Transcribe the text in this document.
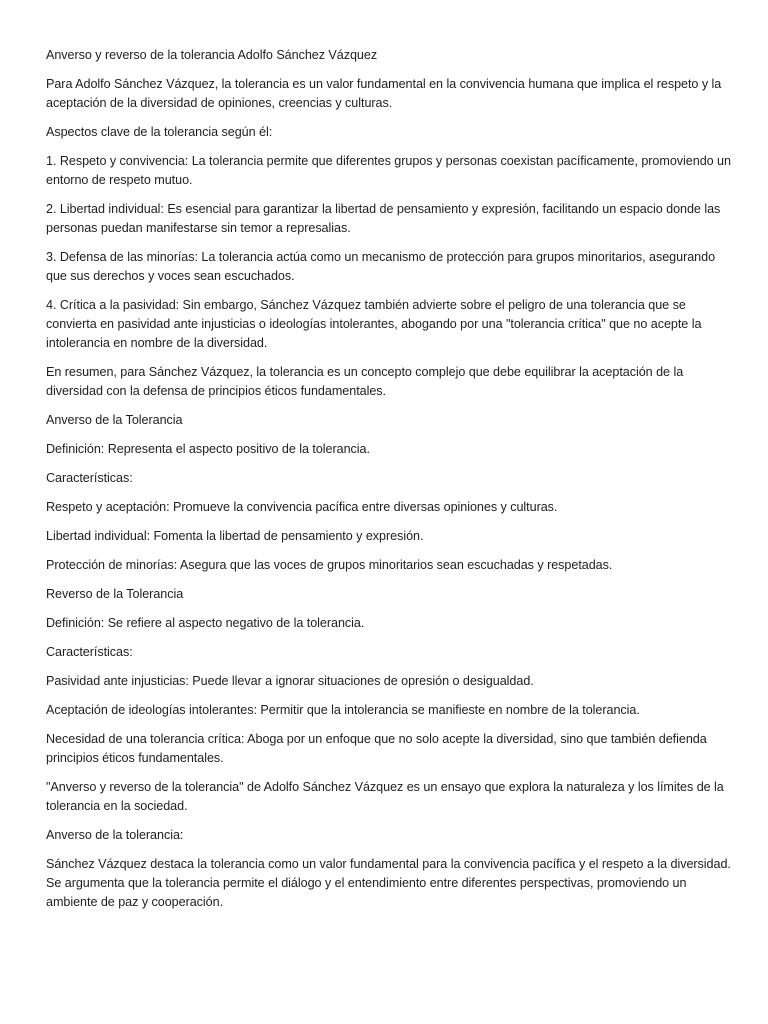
Anverso y reverso de la tolerancia Adolfo Sánchez Vázquez

Para Adolfo Sánchez Vázquez, la tolerancia es un valor fundamental en la convivencia humana que implica el respeto y la aceptación de la diversidad de opiniones, creencias y culturas.

Aspectos clave de la tolerancia según él:

1. Respeto y convivencia: La tolerancia permite que diferentes grupos y personas coexistan pacíficamente, promoviendo un entorno de respeto mutuo.

2. Libertad individual: Es esencial para garantizar la libertad de pensamiento y expresión, facilitando un espacio donde las personas puedan manifestarse sin temor a represalias.

3. Defensa de las minorías: La tolerancia actúa como un mecanismo de protección para grupos minoritarios, asegurando que sus derechos y voces sean escuchados.

4. Crítica a la pasividad: Sin embargo, Sánchez Vázquez también advierte sobre el peligro de una tolerancia que se convierta en pasividad ante injusticias o ideologías intolerantes, abogando por una "tolerancia crítica" que no acepte la intolerancia en nombre de la diversidad.

En resumen, para Sánchez Vázquez, la tolerancia es un concepto complejo que debe equilibrar la aceptación de la diversidad con la defensa de principios éticos fundamentales.

Anverso de la Tolerancia

Definición: Representa el aspecto positivo de la tolerancia.

Características:

Respeto y aceptación: Promueve la convivencia pacífica entre diversas opiniones y culturas.

Libertad individual: Fomenta la libertad de pensamiento y expresión.

Protección de minorías: Asegura que las voces de grupos minoritarios sean escuchadas y respetadas.

Reverso de la Tolerancia

Definición: Se refiere al aspecto negativo de la tolerancia.

Características:

Pasividad ante injusticias: Puede llevar a ignorar situaciones de opresión o desigualdad.

Aceptación de ideologías intolerantes: Permitir que la intolerancia se manifieste en nombre de la tolerancia.

Necesidad de una tolerancia crítica: Aboga por un enfoque que no solo acepte la diversidad, sino que también defienda principios éticos fundamentales.

"Anverso y reverso de la tolerancia" de Adolfo Sánchez Vázquez es un ensayo que explora la naturaleza y los límites de la tolerancia en la sociedad.

Anverso de la tolerancia:

Sánchez Vázquez destaca la tolerancia como un valor fundamental para la convivencia pacífica y el respeto a la diversidad. Se argumenta que la tolerancia permite el diálogo y el entendimiento entre diferentes perspectivas, promoviendo un ambiente de paz y cooperación.
